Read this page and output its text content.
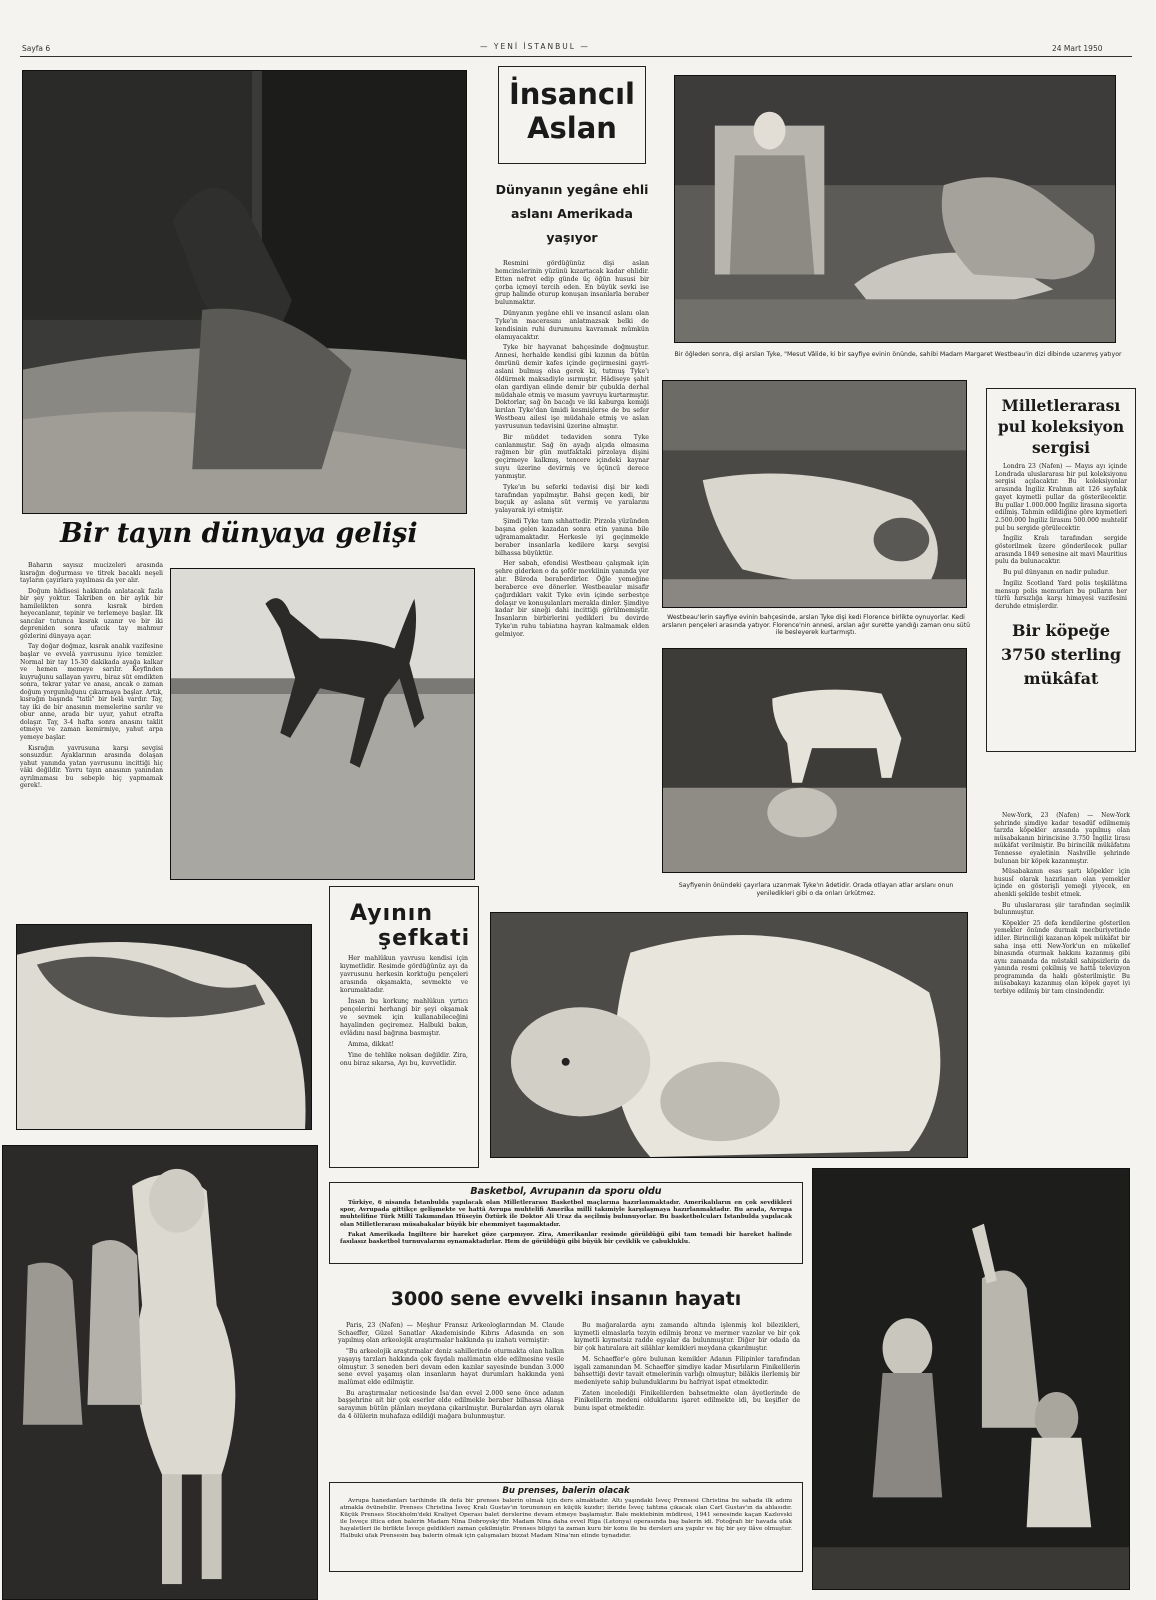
Sayfa 6	— YENİ İSTANBUL —	24 Mart 1950
Bir tayın dünyaya gelişi

Baharın sayısız mucizeleri arasında kısrağın doğurması ve titrek bacaklı neşeli tayların çayırlara yayılması da yer alır.

Doğum hâdisesi hakkında anlatacak fazla bir şey yoktur. Takriben on bir aylık bir hamilelikten sonra kısrak birden heyecanlanır, tepinir ve terlemeye başlar. İlk sancılar tutunca kısrak uzanır ve bir iki depreniden sonra ufacık tay mahmur gözlerini dünyaya açar.

Tay doğar doğmaz, kısrak analık vazifesine başlar ve evvelâ yavrusunu iyice temizler. Normal bir tay 15-30 dakikada ayağa kalkar ve hemen memeye sarılır. Keyfinden kuyruğunu sallayan yavru, biraz süt emdikten sonra, tekrar yatar ve anası, ancak o zaman doğum yorgunluğunu çıkarmaya başlar. Artık, kısrağın başında "tatlı" bir belâ vardır. Tay, tay iki de bir anasının memelerine sarılır ve obur anne, arada bir uyur, yahut etrafta dolaşır. Tay, 3-4 hafta sonra anasını taklit etmeye ve zaman kemirmiye, yahut arpa yemeye başlar.

Kısrağın yavrusuna karşı sevgisi sonsuzdur. Ayaklarının arasında dolaşan yahut yanında yatan yavrusunu incittiği hiç vâki değildir. Yavru tayın anasının yanından ayrılmaması bu sebeple hiç yapmamak gerek!.

İnsancıl
Aslan
Dünyanın yegâne ehli aslanı Amerikada yaşıyor

Resmini gördüğünüz dişi aslan hemcinslerinin yüzünü kızartacak kadar ehlidir. Etten nefret edip günde üç öğün hususi bir çorba içmeyi tercih eden. En büyük sevki ise grup halinde oturup konuşan insanlarla beraber bulunmaktır.

Dünyanın yegâne ehli ve insancıl aslanı olan Tyke'ın macerasını anlatmazsak belki de kendisinin ruhi durumunu kavramak mümkün olamıyacaktır.

Tyke bir hayvanat bahçesinde doğmuştur. Annesi, herhalde kendisi gibi kızının da bütün ömrünü demir kafes içinde geçirmesini gayri-aslani bulmuş olsa gerek ki, tutmuş Tyke'ı öldürmek maksadiyle ısırmıştır. Hâdiseye şahit olan gardiyan elinde demir bir çubukla derhal müdahale etmiş ve masum yavruyu kurtarmıştır. Doktorlar, sağ ön bacağı ve iki kaburga kemiği kırılan Tyke'dan ümidi kesmişlerse de bu sefer Westbeau ailesi işe müdahale etmiş ve aslan yavrusunun tedavisini üzerine almıştır.

Bir müddet tedaviden sonra Tyke canlanmıştır. Sağ ön ayağı alçıda olmasına rağmen bir gün mutfaktaki pirzolaya dişini geçirmeye kalkmış, tencere içindeki kaynar suyu üzerine devirmiş ve üçüncü derece yanmıştır.

Tyke'ın bu seferki tedavisi dişi bir kedi tarafından yapılmıştır. Bahsi geçen kedi, bir buçuk ay aslana süt vermiş ve yaralarını yalayarak iyi etmiştir.

Şimdi Tyke tam sıhhattedir. Pirzola yüzünden başına gelen kazadan sonra etin yanına bile uğramamaktadır. Herkesle iyi geçinmekle beraber insanlarla kedilere karşı sevgisi bilhassa büyüktür.

Her sabah, efendisi Westbeau çalışmak için şehre giderken o da şoför mevkiinin yanında yer alır. Büroda beraberdirler. Öğle yemeğine beraberce eve dönerler. Westbeaular misafir çağırdıkları vakit Tyke evin içinde serbestçe dolaşır ve konuşulanları merakla dinler. Şimdiye kadar bir sineği dahi incittiği görülmemiştir. İnsanların birbirlerini yedikleri bu devirde Tyke'ın ruhu tabiatına hayran kalmamak elden gelmiyor.

Bir öğleden sonra, dişi arslan Tyke, "Mesut Vâlide, ki bir sayfiye evinin önünde, sahibi Madam Margaret Westbeau'in dizi dibinde uzanmış yatıyor
Westbeau'lerin sayfiye evinin bahçesinde, arslan Tyke dişi kedi Florence birlikte oynuyorlar. Kedi arslanın pençeleri arasında yatıyor. Florence'nin annesi, arslan ağır surette yandığı zaman onu sütü ile besleyerek kurtarmıştı.
Sayfiyenin önündeki çayırlara uzanmak Tyke'ın âdetidir. Orada otlayan atlar arslanı onun yeniledikleri gibi o da onları ürkütmez.
Milletlerarası pul koleksiyon sergisi

Londra 23 (Nafen) — Mayıs ayı içinde Londrada uluslararası bir pul koleksiyonu sergisi açılacaktır. Bu koleksiyonlar arasında İngiliz Kralının ait 126 sayfalık gayet kıymetli pullar da gösterilecektir. Bu pullar 1.000.000 İngiliz lirasına sigorta edilmiş. Tahmin edildiğine göre kıymetleri 2.500.000 İngiliz lirasını 500.000 muhtelif pul bu sergide görülecektir.

İngiliz Kralı tarafından sergide gösterilmek üzere gönderilecek pullar arasında 1849 senesine ait mavi Mauritius pulu da bulunacaktır.

Bu pul dünyanın en nadir pulııdur.

İngiliz Scotland Yard polis teşkilâtına mensup polis memurları bu pulların her türlü hırsızlığa karşı himayesi vazifesini deruhde etmişlerdir.

Bir köpeğe 3750 sterling mükâfat

New-York, 23 (Nafen) — New-York şehrinde şimdiye kadar tesadüf edilmemiş tarzda köpekler arasında yapılmış olan müsabakanın birincisine 3.750 İngiliz lirası mükâfat verilmiştir. Bu birincilik mükâfatını Tennesse eyaletinin Nashville şehrinde bulunan bir köpek kazanmıştır.

Müsabakanın esas şartı köpekler için hususî olarak hazırlanan olan yemekler içinde en gösterişli yemeği yiyecek, en ahenkli şekilde tesbit etmek.

Bu uluslararası şiir tarafından seçimlik bulunmuştur.

Köpekler 25 defa kendilerine gösterilen yemekler önünde durmak mecburiyetinde idiler. Birinciliği kazanan köpek mükâfat bir saha inşa etti New-York'un en mükellef binasında oturmak hakkını kazanmış gibi aynı zamanda da müstakil sahipsizlerin da yanında resmi çekilmiş ve hattâ televizyon programında da haklı gösterilmiştir. Bu müsabakayı kazanmış olan köpek gayet iyi terbiye edilmiş bir tam cinsindendir.

Ayının
şefkati

Her mahlûkun yavrusu kendisi için kıymetlidir. Resimde gördüğünüz ayı da yavrusunu herkesin korktuğu pençeleri arasında okşamakta, sevmekte ve korumaktadır.

İnsan bu korkunç mahlûkun yırtıcı pençelerini herhangi bir şeyi okşamak ve sevmek için kullanabileceğini hayalinden geçiremez. Halbuki bakın, evlâdını nasıl bağrına basmıştır.

Amma, dikkat!

Yine de tehlike noksan değildir. Zira, onu biraz sıkarsa, Ayı bu, kuvvetlidir.

Basketbol, Avrupanın da sporu oldu

Türkiye, 6 nisanda İstanbulda yapılacak olan Milletlerarası Basketbol maçlarına hazırlanmaktadır. Amerikalıların en çok sevdikleri spor, Avrupada gittikçe gelişmekte ve hattâ Avrupa muhtelifi Amerika millî takımiyle karşılaşmaya hazırlanmaktadır. Bu arada, Avrupa muhtelifine Türk Millî Takımından Hüseyin Öztürk ile Doktor Ali Uraz da seçilmiş bulunuyorlar. Bu basketbolcuları İstanbulda yapılacak olan Milletlerarası müsabakalar büyük bir ehemmiyet taşımaktadır.

Fakat Amerikada İngiltere bir hareket göze çarpmıyor. Zira, Amerikanlar resimde görüldüğü gibi tam temadi bir hareket halinde fasılasız basketbol turnuvalarını oynamaktadırlar. Hem de görüldüğü gibi büyük bir çeviklik ve çabukluklu.

3000 sene evvelki insanın hayatı

Paris, 23 (Nafen) — Meşhur Fransız Arkeologlarından M. Claude Schaeffer, Güzel Sanatlar Akademisinde Kıbrıs Adasında en son yapılmış olan arkeolojik araştırmalar hakkında şu izahatı vermiştir:

"Bu arkeolojik araştırmalar deniz sahillerinde oturmakta olan halkın yaşayış tarzları hakkında çok faydalı malûmatın elde edilmesine vesile olmuştur. 3 seneden beri devam eden kazılar sayesinde bundan 3.000 sene evvel yaşamış olan insanların hayat durumları hakkında yeni malûmat elde edilmiştir.

Bu araştırmalar neticesinde İsa'dan evvel 2.000 sene önce adanın başşehrine ait bir çok eserler elde edilmekle beraber bilhassa Aliaşa sarayının bütün plânları meydana çıkarılmıştır. Buralardan ayrı olarak da 4 ölülerin muhafaza edildiği mağara bulunmuştur.

Bu mağaralarda aynı zamanda altında işlenmiş kol bilezikleri, kıymetli elmaslarla tezyin edilmiş bronz ve mermer vazolar ve bir çok kıymetli kıymetsiz radde eşyalar da bulunmuştur. Diğer bir odada da bir çok hatıralara ait silâhlar kemikleri meydana çıkarılmıştır.

M. Schaeffer'e göre bulunan kemikler Adanın Filipinler tarafından işgali zamanından M. Schaeffer şimdiye kadar Mısırlıların Finikelilerin bahsettiği devir tavait etmelerinin varlığı olmuştur; bilâkis ilerlemiş bir medeniyete sahip bulunduklarını bu hafriyat ispat etmektedir.

Zaten incelediği Finikelilerden bahsetmekte olan âyetlerinde de Finikelilerin medeni olduklarını işaret edilmekte idi, bu keşifler de bunu ispat etmektedir.

Bu prenses, balerin olacak

Avrupa hanedanları tarihinde ilk defa bir prenses balerin olmak için ders almaktadır. Altı yaşındaki İsveç Prensesi Christina bu sahada ilk adımı atmakla övünebilir. Prenses Christina İsveç Kralı Gustav'ın torununun en küçük kızıdır; ileride İsveç tahtına çıkacak olan Carl Gustav'ın da ablasıdır. Küçük Prenses Stockholm'deki Kraliyet Operası balet derslerine devam etmeye başlamıştır. Bale mektebinin müdiresi, 1941 senesinde kaçan Kazlovski ile İsveçe iltica eden balerin Madam Nina Dobroysky'dir. Madam Nina daha evvel Riga (Letonya) operasında baş balerin idi. Fotoğrafı bir havada ufak hayaletleri ile birlikte İsveçe geldikleri zaman çekilmiştir. Prenses bilgiyi ta zaman kuru bir konu ile bu dersleri ara yapılır ve hiç bir şey ilâve olmuştur. Halbuki ufak Prensesin baş balerin olmak için çalışmaları bizzat Madam Nina'nın elinde tıynadıdır.
